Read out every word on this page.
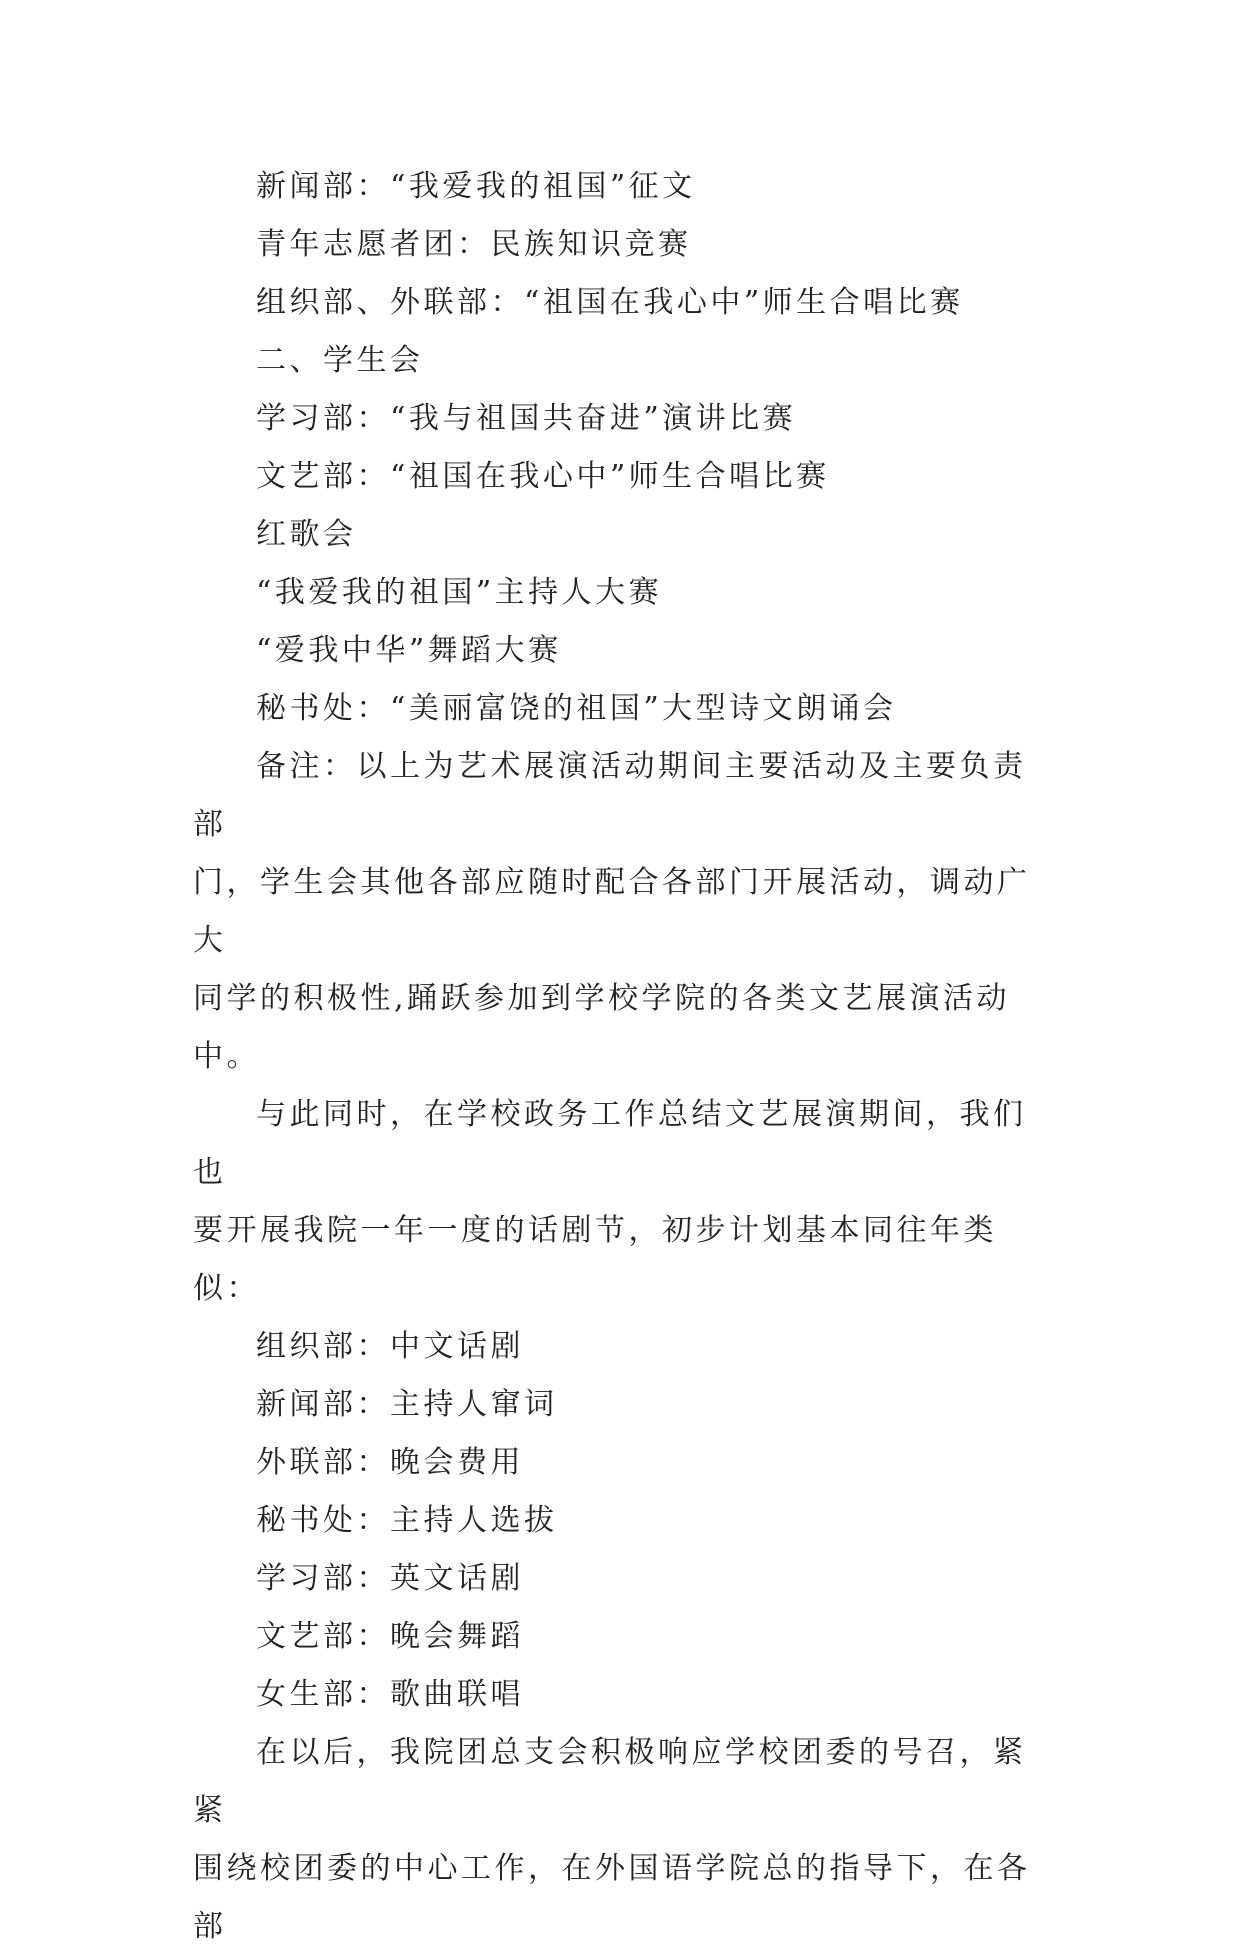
新闻部：“我爱我的祖国”征文

青年志愿者团：民族知识竞赛

组织部、外联部：“祖国在我心中”师生合唱比赛

二、学生会

学习部：“我与祖国共奋进”演讲比赛

文艺部：“祖国在我心中”师生合唱比赛

红歌会

“我爱我的祖国”主持人大赛

“爱我中华”舞蹈大赛

秘书处：“美丽富饶的祖国”大型诗文朗诵会

备注：以上为艺术展演活动期间主要活动及主要负责部
门，学生会其他各部应随时配合各部门开展活动，调动广大
同学的积极性,踊跃参加到学校学院的各类文艺展演活动中。

与此同时，在学校政务工作总结文艺展演期间，我们也
要开展我院一年一度的话剧节，初步计划基本同往年类似：

组织部：中文话剧

新闻部：主持人窜词

外联部：晚会费用

秘书处：主持人选拔

学习部：英文话剧

文艺部：晚会舞蹈

女生部：歌曲联唱

在以后，我院团总支会积极响应学校团委的号召，紧紧
围绕校团委的中心工作，在外国语学院总的指导下，在各部
